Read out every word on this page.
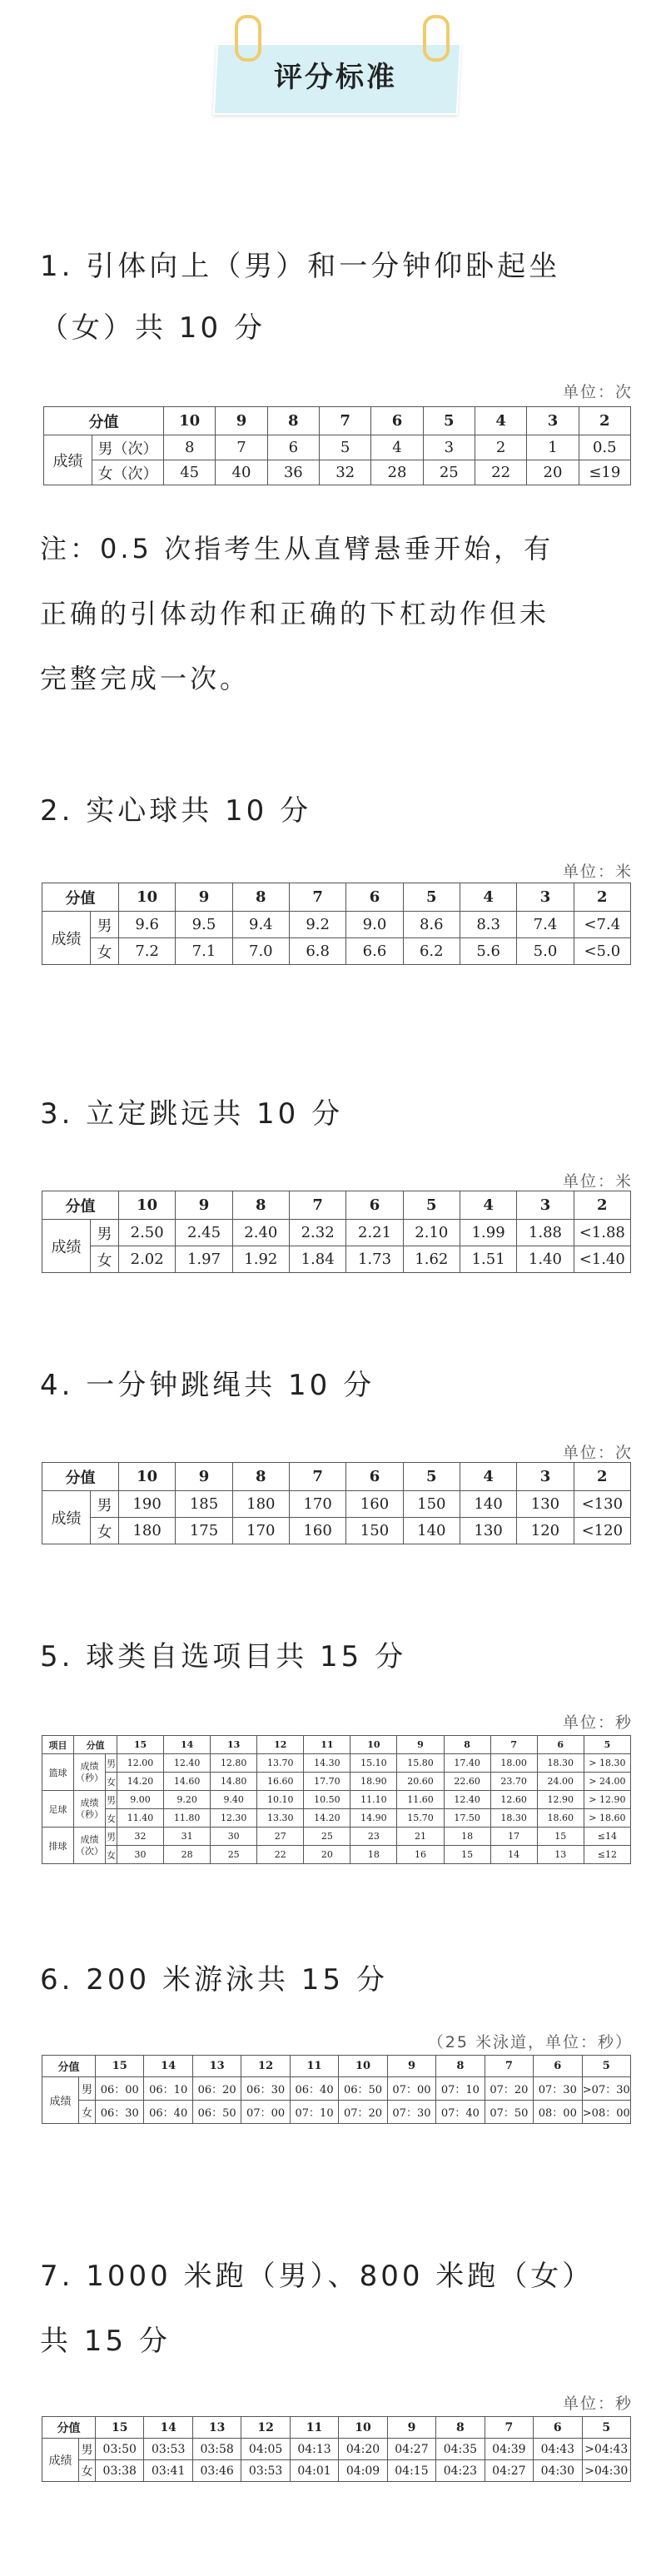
评分标准
1. 引体向上（男）和一分钟仰卧起坐
（女）共 10 分
单位：次
分值		10	9	8	7	6	5	4	3	2
成绩	男（次）	8	7	6	5	4	3	2	1	0.5
	女（次）	45	40	36	32	28	25	22	20	≤19
注：0.5 次指考生从直臂悬垂开始，有
正确的引体动作和正确的下杠动作但未
完整完成一次。
2. 实心球共 10 分
单位：米
分值		10	9	8	7	6	5	4	3	2
成绩	男	9.6	9.5	9.4	9.2	9.0	8.6	8.3	7.4	<7.4
	女	7.2	7.1	7.0	6.8	6.6	6.2	5.6	5.0	<5.0
3. 立定跳远共 10 分
单位：米
分值		10	9	8	7	6	5	4	3	2
成绩	男	2.50	2.45	2.40	2.32	2.21	2.10	1.99	1.88	<1.88
	女	2.02	1.97	1.92	1.84	1.73	1.62	1.51	1.40	<1.40
4. 一分钟跳绳共 10 分
单位：次
分值		10	9	8	7	6	5	4	3	2
成绩	男	190	185	180	170	160	150	140	130	<130
	女	180	175	170	160	150	140	130	120	<120
5. 球类自选项目共 15 分
单位：秒
项目	分值		15	14	13	12	11	10	9	8	7	6	5
篮球	成绩（秒）	男	12.00	12.40	12.80	13.70	14.30	15.10	15.80	17.40	18.00	18.30	> 18.30
		女	14.20	14.60	14.80	16.60	17.70	18.90	20.60	22.60	23.70	24.00	> 24.00
足球	成绩（秒）	男	9.00	9.20	9.40	10.10	10.50	11.10	11.60	12.40	12.60	12.90	> 12.90
		女	11.40	11.80	12.30	13.30	14.20	14.90	15.70	17.50	18.30	18.60	> 18.60
排球	成绩（次）	男	32	31	30	27	25	23	21	18	17	15	≤14
		女	30	28	25	22	20	18	16	15	14	13	≤12
6. 200 米游泳共 15 分
（25 米泳道，单位：秒）
分值		15	14	13	12	11	10	9	8	7	6	5
成绩	男	06：00	06：10	06：20	06：30	06：40	06：50	07：00	07：10	07：20	07：30	>07：30
	女	06：30	06：40	06：50	07：00	07：10	07：20	07：30	07：40	07：50	08：00	>08：00
7. 1000 米跑（男）、800 米跑（女）
共 15 分
单位：秒
分值		15	14	13	12	11	10	9	8	7	6	5
成绩	男	03:50	03:53	03:58	04:05	04:13	04:20	04:27	04:35	04:39	04:43	>04:43
	女	03:38	03:41	03:46	03:53	04:01	04:09	04:15	04:23	04:27	04:30	>04:30
